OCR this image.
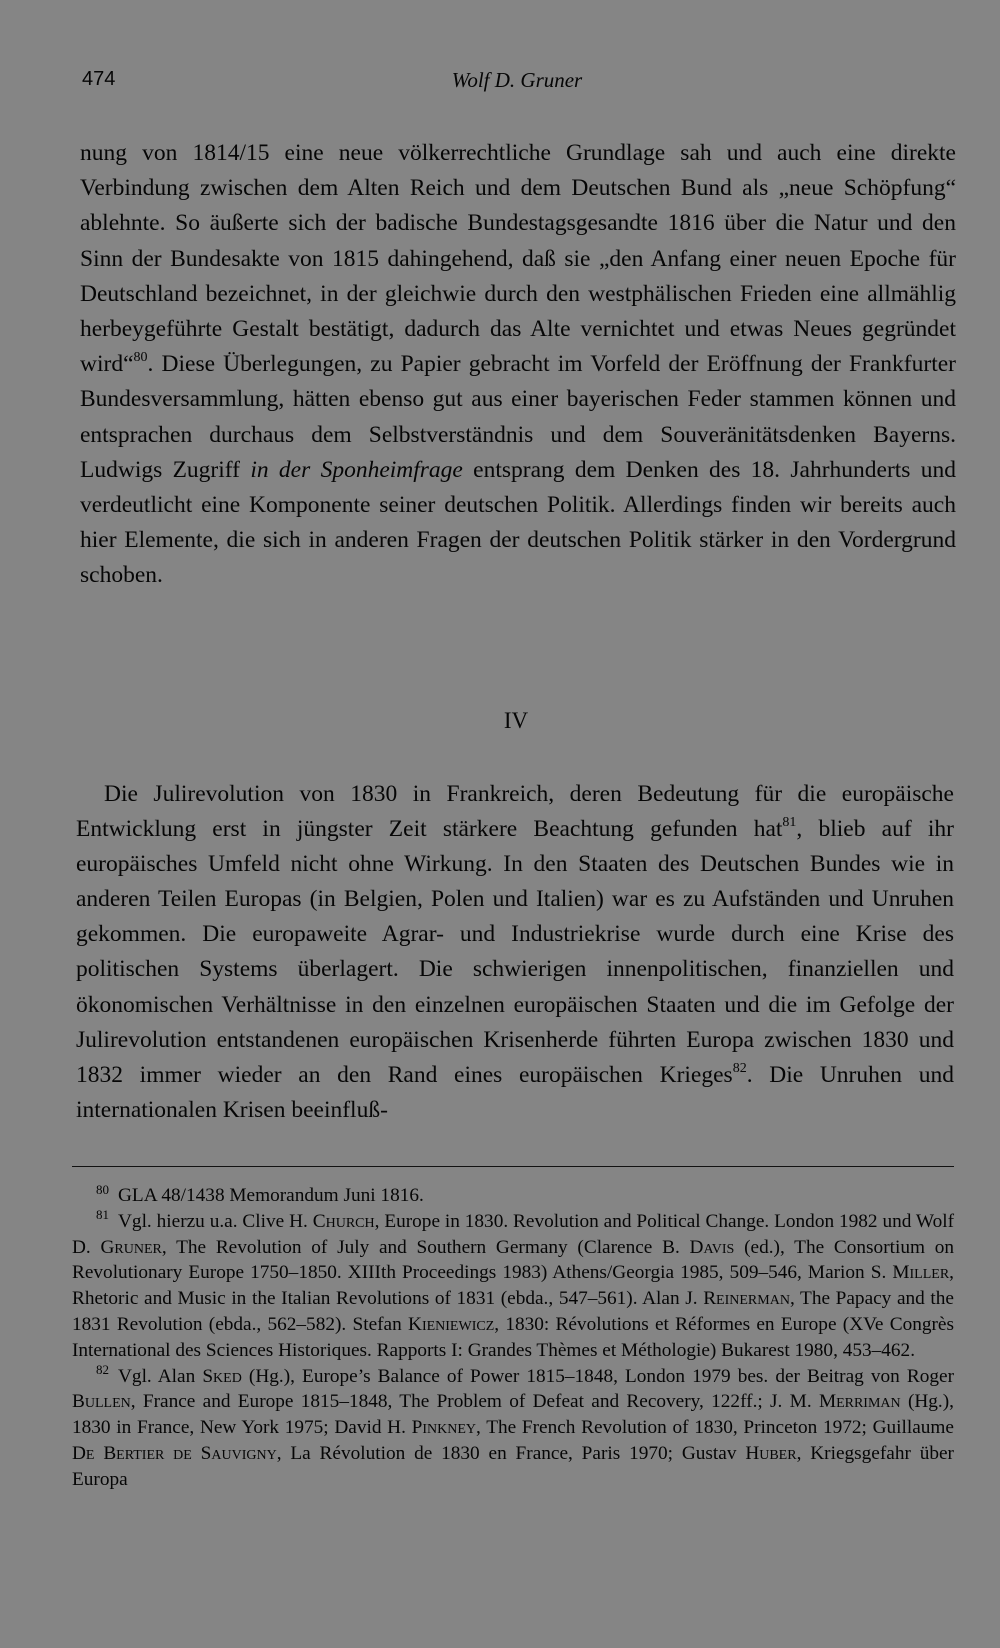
474	Wolf D. Gruner

nung von 1814/15 eine neue völkerrechtliche Grundlage sah und auch eine direkte Verbindung zwischen dem Alten Reich und dem Deutschen Bund als „neue Schöpfung“ ablehnte. So äußerte sich der badische Bundestagsgesandte 1816 über die Natur und den Sinn der Bundesakte von 1815 dahingehend, daß sie „den Anfang einer neuen Epoche für Deutschland bezeichnet, in der gleichwie durch den westphälischen Frieden eine allmählig herbeygeführte Gestalt bestätigt, dadurch das Alte vernichtet und etwas Neues gegründet wird“$^{80}$. Diese Überlegungen, zu Papier gebracht im Vorfeld der Eröffnung der Frankfurter Bundesversammlung, hätten ebenso gut aus einer bayerischen Feder stammen können und entsprachen durchaus dem Selbstverständnis und dem Souveränitätsdenken Bayerns. Ludwigs Zugriff in der Sponheimfrage entsprang dem Denken des 18. Jahrhunderts und verdeutlicht eine Komponente seiner deutschen Politik. Allerdings finden wir bereits auch hier Elemente, die sich in anderen Fragen der deutschen Politik stärker in den Vordergrund schoben.

IV

Die Julirevolution von 1830 in Frankreich, deren Bedeutung für die europäische Entwicklung erst in jüngster Zeit stärkere Beachtung gefunden hat$^{81}$, blieb auf ihr europäisches Umfeld nicht ohne Wirkung. In den Staaten des Deutschen Bundes wie in anderen Teilen Europas (in Belgien, Polen und Italien) war es zu Aufständen und Unruhen gekommen. Die europaweite Agrar- und Industriekrise wurde durch eine Krise des politischen Systems überlagert. Die schwierigen innenpolitischen, finanziellen und ökonomischen Verhältnisse in den einzelnen europäischen Staaten und die im Gefolge der Julirevolution entstandenen europäischen Krisenherde führten Europa zwischen 1830 und 1832 immer wieder an den Rand eines europäischen Krieges$^{82}$. Die Unruhen und internationalen Krisen beeinfluß-

$^{80}$ GLA 48/1438 Memorandum Juni 1816.

$^{81}$ Vgl. hierzu u.a. Clive H. Church, Europe in 1830. Revolution and Political Change. London 1982 und Wolf D. Gruner, The Revolution of July and Southern Germany (Clarence B. Davis (ed.), The Consortium on Revolutionary Europe 1750–1850. XIIIth Proceedings 1983) Athens/Georgia 1985, 509–546, Marion S. Miller, Rhetoric and Music in the Italian Revolutions of 1831 (ebda., 547–561). Alan J. Reinerman, The Papacy and the 1831 Revolution (ebda., 562–582). Stefan Kieniewicz, 1830: Révolutions et Réformes en Europe (XVe Congrès International des Sciences Historiques. Rapports I: Grandes Thèmes et Méthologie) Bukarest 1980, 453–462.

$^{82}$ Vgl. Alan Sked (Hg.), Europe’s Balance of Power 1815–1848, London 1979 bes. der Beitrag von Roger Bullen, France and Europe 1815–1848, The Problem of Defeat and Recovery, 122ff.; J. M. Merriman (Hg.), 1830 in France, New York 1975; David H. Pinkney, The French Revolution of 1830, Princeton 1972; Guillaume De Bertier de Sauvigny, La Révolution de 1830 en France, Paris 1970; Gustav Huber, Kriegsgefahr über Europa
